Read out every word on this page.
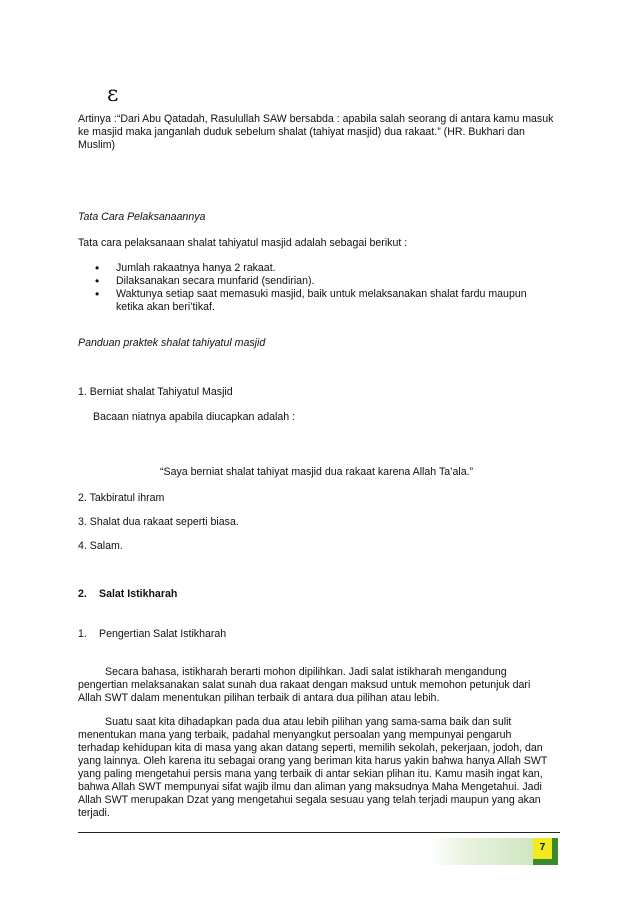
ε
Artinya :“Dari Abu Qatadah, Rasulullah SAW bersabda : apabila salah seorang di antara kamu masuk
ke masjid maka janganlah duduk sebelum shalat (tahiyat masjid) dua rakaat.” (HR. Bukhari dan
Muslim)
Tata Cara Pelaksanaannya
Tata cara pelaksanaan shalat tahiyatul masjid adalah sebagai berikut :
• Jumlah rakaatnya hanya 2 rakaat.
• Dilaksanakan secara munfarid (sendirian).
• Waktunya setiap saat memasuki masjid, baik untuk melaksanakan shalat fardu maupun
ketika akan beri’tikaf.
Panduan praktek shalat tahiyatul masjid
1. Berniat shalat Tahiyatul Masjid
Bacaan niatnya apabila diucapkan adalah :
“Saya berniat shalat tahiyat masjid dua rakaat karena Allah Ta’ala.”
2. Takbiratul ihram
3. Shalat dua rakaat seperti biasa.
4. Salam.
2. Salat Istikharah
1. Pengertian Salat Istikharah
Secara bahasa, istikharah berarti mohon dipilihkan. Jadi salat istikharah mengandung
pengertian melaksanakan salat sunah dua rakaat dengan maksud untuk memohon petunjuk dari
Allah SWT dalam menentukan pilihan terbaik di antara dua pilihan atau lebih.
Suatu saat kita dihadapkan pada dua atau lebih pilihan yang sama-sama baik dan sulit
menentukan mana yang terbaik, padahal menyangkut persoalan yang mempunyai pengaruh
terhadap kehidupan kita di masa yang akan datang seperti, memilih sekolah, pekerjaan, jodoh, dan
yang lainnya. Oleh karena itu sebagai orang yang beriman kita harus yakin bahwa hanya Allah SWT
yang paling mengetahui persis mana yang terbaik di antar sekian plihan itu. Kamu masih ingat kan,
bahwa Allah SWT mempunyai sifat wajib ilmu dan aliman yang maksudnya Maha Mengetahui. Jadi
Allah SWT merupakan Dzat yang mengetahui segala sesuau yang telah terjadi maupun yang akan
terjadi.
7
